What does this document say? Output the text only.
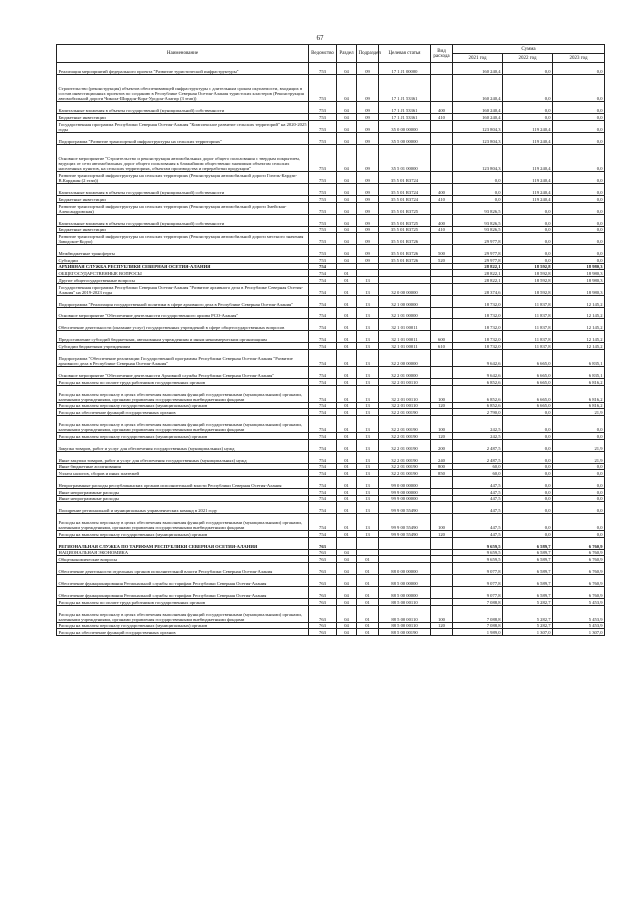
67
Наименование	Ведомство	Раздел	Подраздел	Целевая статья	Вид расхода	Сумма		
						2021 год	2022 год	2023 год
Реализация мероприятий федерального проекта "Развитие туристической инфраструктуры"	753	04	09	17 1 J1 00000		160 240,4	0,0	0,0
Строительство (реконструкция) объектов обеспечивающей инфраструктуры с длительным сроком окупаемости, входящих в состав инвестиционных проектов по созданию в Республике Северная Осетия-Алания туристских кластеров (Реконструкция автомобильной дороги Чикола-Ширдон-Кора-Урсдон-Алагир (3 этап))	753	04	09	17 1 J1 53361		160 240,4	0,0	0,0
Капитальные вложения в объекты государственной (муниципальной) собственности	753	04	09	17 1 J1 53361	400	160 240,4	0,0	0,0
Бюджетные инвестиции	753	04	09	17 1 J1 53361	410	160 240,4	0,0	0,0
Государственная программа Республики Северная Осетия-Алания "Комплексное развитие сельских территорий" на 2020-2025 годы	753	04	09	35 0 00 00000		123 804,3	119 240,4	0,0
Подпрограмма "Развитие транспортной инфраструктуры на сельских территориях"	753	04	09	35 5 00 00000		123 804,3	119 240,4	0,0
Основное мероприятие "Строительство и реконструкция автомобильных дорог общего пользования с твердым покрытием, ведущих от сети автомобильных дорог общего пользования к ближайшим общественно значимым объектам сельских населенных пунктов, на сельских территориях, объектам производства и переработки продукции"	753	04	09	35 5 01 00000		123 804,3	119 240,4	0,0
Развитие транспортной инфраструктуры на сельских территориях (Реконструкция автомобильной дороги Гизель-Кардзи-В.Карджин (2 этап))	753	04	09	35 5 01 R3724		0,0	119 240,4	0,0
Капитальные вложения в объекты государственной (муниципальной) собственности	753	04	09	35 5 01 R3724	400	0,0	119 240,4	0,0
Бюджетные инвестиции	753	04	09	35 5 01 R3724	410	0,0	119 240,4	0,0
Развитие транспортной инфраструктуры на сельских территориях (Реконструкция автомобильной дороги Змейская-Александровская)	753	04	09	35 5 01 R3725		93 826,5	0,0	0,0
Капитальные вложения в объекты государственной (муниципальной) собственности	753	04	09	35 5 01 R3725	400	93 826,5	0,0	0,0
Бюджетные инвестиции	753	04	09	35 5 01 R3725	410	93 826,5	0,0	0,0
Развитие транспортной инфраструктуры на сельских территориях (Реконструкция автомобильной дороги местного значения Заводское-Кодзо)	753	04	09	35 5 01 R3726		29 977,8	0,0	0,0
Межбюджетные трансферты	753	04	09	35 5 01 R3726	500	29 977,8	0,0	0,0
Субсидии	753	04	09	35 5 01 R3726	520	29 977,8	0,0	0,0
АРХИВНАЯ СЛУЖБА РЕСПУБЛИКИ СЕВЕРНАЯ ОСЕТИЯ-АЛАНИЯ	754					28 822,1	18 592,8	18 980,3
ОБЩЕГОСУДАРСТВЕННЫЕ ВОПРОСЫ	754	01				28 822,1	18 592,8	18 980,3
Другие общегосударственные вопросы	754	01	13			28 822,1	18 592,8	18 980,3
Государственная программа Республики Северная Осетия-Алания "Развитие архивного дела в Республике Северная Осетия-Алания" на 2019-2023 годы	754	01	13	32 0 00 00000		28 374,6	18 592,8	18 980,3
Подпрограмма "Реализация государственной политики в сфере архивного дела в Республике Северная Осетия-Алания"	754	01	13	32 1 00 00000		18 732,0	11 837,8	12 145,2
Основное мероприятие "Обеспечение деятельности государственного архива РСО-Алания"	754	01	13	32 1 01 00000		18 732,0	11 837,8	12 145,2
Обеспечение деятельности (оказание услуг) государственных учреждений в сфере общегосударственных вопросов	754	01	13	32 1 01 00011		18 732,0	11 837,8	12 145,2
Предоставление субсидий бюджетным, автономным учреждениям и иным некоммерческим организациям	754	01	13	32 1 01 00011	600	18 732,0	11 837,8	12 145,2
Субсидии бюджетным учреждениям	754	01	13	32 1 01 00011	610	18 732,0	11 837,8	12 145,2
Подпрограмма "Обеспечение реализации Государственной программы Республики Северная Осетия-Алания "Развитие архивного дела в Республике Северная Осетия-Алания"	754	01	13	32 2 00 00000		9 642,6	6 665,0	6 835,1
Основное мероприятие "Обеспечение деятельности Архивной службы Республики Северная Осетия-Алания"	754	01	13	32 2 01 00000		9 642,6	6 665,0	6 835,1
Расходы на выплаты по оплате труда работников государственных органов	754	01	13	32 2 01 00110		6 852,6	6 665,0	6 816,2
Расходы на выплаты персоналу в целях обеспечения выполнения функций государственными (муниципальными) органами, казенными учреждениями, органами управления государственными внебюджетными фондами	754	01	13	32 2 01 00110	100	6 852,6	6 665,0	6 816,2
Расходы на выплаты персоналу государственных (муниципальных) органов	754	01	13	32 2 01 00110	120	6 852,6	6 665,0	6 816,2
Расходы на обеспечение функций государственных органов	754	01	13	32 2 01 00190		2 790,0	0,0	21,9
Расходы на выплаты персоналу в целях обеспечения выполнения функций государственными (муниципальными) органами, казенными учреждениями, органами управления государственными внебюджетными фондами	754	01	13	32 2 01 00190	100	242,5	0,0	0,0
Расходы на выплаты персоналу государственных (муниципальных) органов	754	01	13	32 2 01 00190	120	242,5	0,0	0,0
Закупка товаров, работ и услуг для обеспечения государственных (муниципальных) нужд	754	01	13	32 2 01 00190	200	2 487,5	0,0	21,9
Иные закупки товаров, работ и услуг для обеспечения государственных (муниципальных) нужд	754	01	13	32 2 01 00190	240	2 487,5	0,0	21,9
Иные бюджетные ассигнования	754	01	13	32 2 01 00190	800	60,0	0,0	0,0
Уплата налогов, сборов и иных платежей	754	01	13	32 2 01 00190	850	60,0	0,0	0,0
Непрограммные расходы республиканских органов исполнительной власти Республики Северная Осетия-Алания	754	01	13	99 0 00 00000		447,5	0,0	0,0
Иные непрограммные расходы	754	01	13	99 9 00 00000		447,5	0,0	0,0
Иные непрограммные расходы	754	01	13	99 9 00 00000		447,5	0,0	0,0
Поощрение региональной и муниципальных управленческих команд в 2021 году	754	01	13	99 9 00 55490		447,5	0,0	0,0
Расходы на выплаты персоналу в целях обеспечения выполнения функций государственными (муниципальными) органами, казенными учреждениями, органами управления государственными внебюджетными фондами	754	01	13	99 9 00 55490	100	447,5	0,0	0,0
Расходы на выплаты персоналу государственных (муниципальных) органов	754	01	13	99 9 00 55490	120	447,5	0,0	0,0
РЕГИОНАЛЬНАЯ СЛУЖБА ПО ТАРИФАМ РЕСПУБЛИКИ СЕВЕРНАЯ ОСЕТИЯ-АЛАНИЯ	763					9 659,5	6 589,7	6 760,9
НАЦИОНАЛЬНАЯ ЭКОНОМИКА	763	04				9 659,5	6 589,7	6 760,9
Общеэкономические вопросы	763	04	01			9 659,5	6 589,7	6 760,9
Обеспечение деятельности отдельных органов исполнительной власти Республики Северная Осетия-Алания	763	04	01	88 0 00 00000		9 077,8	6 589,7	6 760,9
Обеспечение функционирования Региональной службы по тарифам Республики Северная Осетия-Алания	763	04	01	88 5 00 00000		9 077,8	6 589,7	6 760,9
Обеспечение функционирования Региональной службы по тарифам Республики Северная Осетия-Алания	763	04	01	88 5 00 00000		9 077,8	6 589,7	6 760,9
Расходы на выплаты по оплате труда работников государственных органов	763	04	01	88 5 00 00110		7 088,8	5 282,7	5 453,9
Расходы на выплаты персоналу в целях обеспечения выполнения функций государственными (муниципальными) органами, казенными учреждениями, органами управления государственными внебюджетными фондами	763	04	01	88 5 00 00110	100	7 088,8	5 282,7	5 453,9
Расходы на выплаты персоналу государственных (муниципальных) органов	763	04	01	88 5 00 00110	120	7 088,8	5 282,7	5 453,9
Расходы на обеспечение функций государственных органов	763	04	01	88 5 00 00190		1 989,0	1 307,0	1 307,0
